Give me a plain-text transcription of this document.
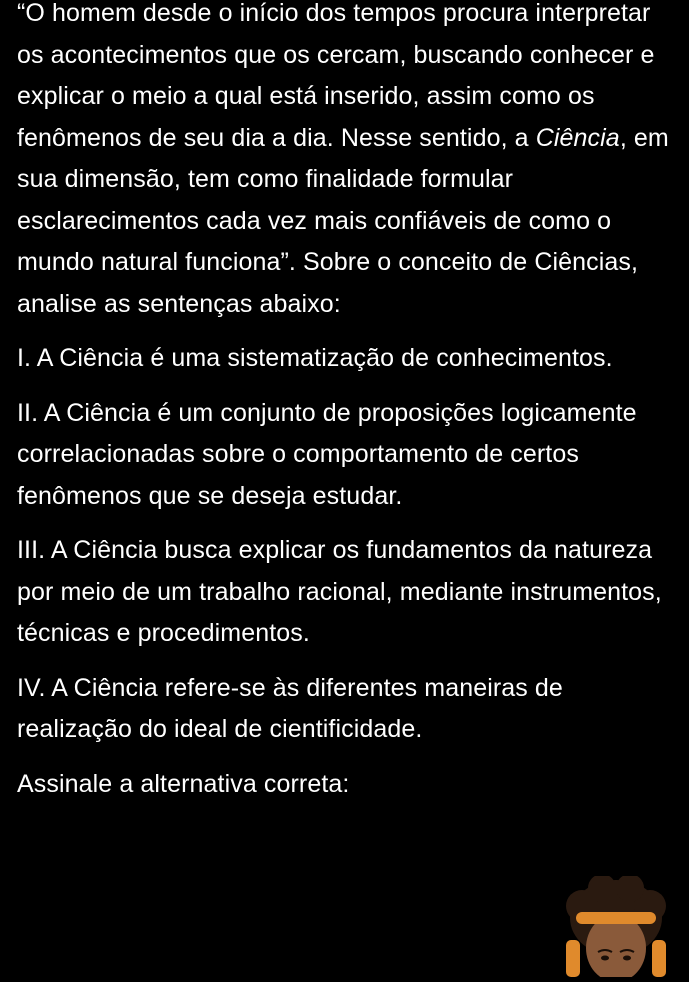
“O homem desde o início dos tempos procura interpretar os acontecimentos que os cercam, buscando conhecer e explicar o meio a qual está inserido, assim como os fenômenos de seu dia a dia. Nesse sentido, a Ciência, em sua dimensão, tem como finalidade formular esclarecimentos cada vez mais confiáveis de como o mundo natural funciona”. Sobre o conceito de Ciências, analise as sentenças abaixo:

I. A Ciência é uma sistematização de conhecimentos.

II. A Ciência é um conjunto de proposições logicamente correlacionadas sobre o comportamento de certos fenômenos que se deseja estudar.

III. A Ciência busca explicar os fundamentos da natureza por meio de um trabalho racional, mediante instrumentos, técnicas e procedimentos.

IV. A Ciência refere-se às diferentes maneiras de realização do ideal de cientificidade.

Assinale a alternativa correta:
